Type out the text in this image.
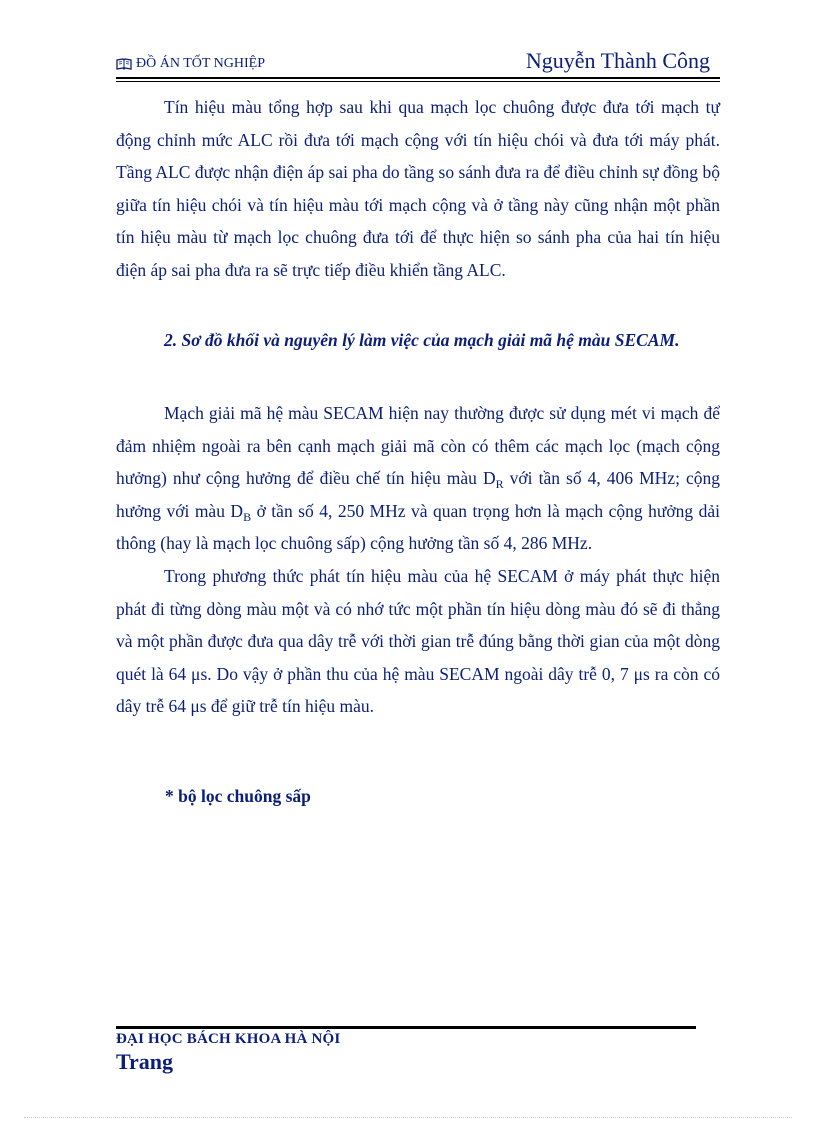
ĐỒ ÁN TỐT NGHIỆP	Nguyễn Thành Công

Tín hiệu màu tổng hợp sau khi qua mạch lọc chuông được đưa tới mạch tự động chỉnh mức ALC rồi đưa tới mạch cộng với tín hiệu chói và đưa tới máy phát. Tầng ALC được nhận điện áp sai pha do tầng so sánh đưa ra để điều chỉnh sự đồng bộ giữa tín hiệu chói và tín hiệu màu tới mạch cộng và ở tầng này cũng nhận một phần tín hiệu màu từ mạch lọc chuông đưa tới để thực hiện so sánh pha của hai tín hiệu điện áp sai pha đưa ra sẽ trực tiếp điều khiển tầng ALC.

2. Sơ đồ khối và nguyên lý làm việc của mạch giải mã hệ màu SECAM.

Mạch giải mã hệ màu SECAM hiện nay thường được sử dụng mét vi mạch để đảm nhiệm ngoài ra bên cạnh mạch giải mã còn có thêm các mạch lọc (mạch cộng hưởng) như cộng hưởng để điều chế tín hiệu màu $D_R$ với tần số 4, 406 MHz; cộng hưởng với màu $D_B$ ở tần số 4, 250 MHz và quan trọng hơn là mạch cộng hưởng dải thông (hay là mạch lọc chuông sấp) cộng hưởng tần số 4, 286 MHz.

Trong phương thức phát tín hiệu màu của hệ SECAM ở máy phát thực hiện phát đi từng dòng màu một và có nhớ tức một phần tín hiệu dòng màu đó sẽ đi thẳng và một phần được đưa qua dây trễ với thời gian trễ đúng bằng thời gian của một dòng quét là 64 μs. Do vậy ở phần thu của hệ màu SECAM ngoài dây trễ 0, 7 μs ra còn có dây trễ 64 μs để giữ trễ tín hiệu màu.

* bộ lọc chuông sấp
ĐẠI HỌC BÁCH KHOA HÀ NỘI
Trang
